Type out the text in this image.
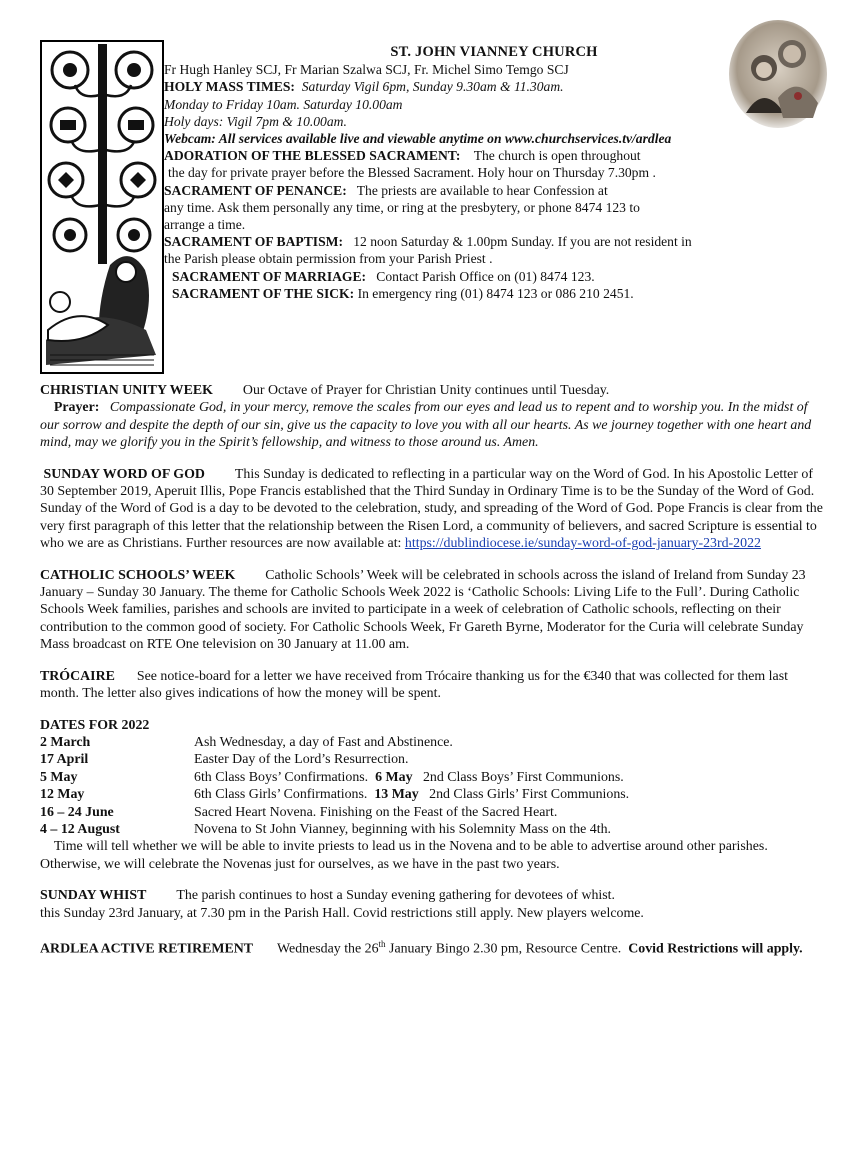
ST. JOHN VIANNEY CHURCH
Fr Hugh Hanley SCJ, Fr Marian Szalwa SCJ, Fr. Michel Simo Temgo SCJ
HOLY MASS TIMES: Saturday Vigil 6pm, Sunday 9.30am & 11.30am.
Monday to Friday 10am. Saturday 10.00am
Holy days: Vigil 7pm & 10.00am.
Webcam: All services available live and viewable anytime on www.churchservices.tv/ardlea
ADORATION OF THE BLESSED SACRAMENT: The church is open throughout
the day for private prayer before the Blessed Sacrament. Holy hour on Thursday 7.30pm .
SACRAMENT OF PENANCE: The priests are available to hear Confession at
any time. Ask them personally any time, or ring at the presbytery, or phone 8474 123 to
arrange a time.
SACRAMENT OF BAPTISM: 12 noon Saturday & 1.00pm Sunday. If you are not resident in
the Parish please obtain permission from your Parish Priest .
SACRAMENT OF MARRIAGE: Contact Parish Office on (01) 8474 123.
SACRAMENT OF THE SICK: In emergency ring (01) 8474 123 or 086 210 2451.
CHRISTIAN UNITY WEEK Our Octave of Prayer for Christian Unity continues until Tuesday.
Prayer: Compassionate God, in your mercy, remove the scales from our eyes and lead us to repent and to worship you. In the midst of our sorrow and despite the depth of our sin, give us the capacity to love you with all our hearts. As we journey together with one heart and mind, may we glorify you in the Spirit’s fellowship, and witness to those around us. Amen.
SUNDAY WORD OF GOD This Sunday is dedicated to reflecting in a particular way on the Word of God. In his Apostolic Letter of 30 September 2019, Aperuit Illis, Pope Francis established that the Third Sunday in Ordinary Time is to be the Sunday of the Word of God. Sunday of the Word of God is a day to be devoted to the celebration, study, and spreading of the Word of God. Pope Francis is clear from the very first paragraph of this letter that the relationship between the Risen Lord, a community of believers, and sacred Scripture is essential to who we are as Christians. Further resources are now available at: https://dublindiocese.ie/sunday-word-of-god-january-23rd-2022
CATHOLIC SCHOOLS’ WEEK Catholic Schools’ Week will be celebrated in schools across the island of Ireland from Sunday 23 January – Sunday 30 January. The theme for Catholic Schools Week 2022 is ‘Catholic Schools: Living Life to the Full’. During Catholic Schools Week families, parishes and schools are invited to participate in a week of celebration of Catholic schools, reflecting on their contribution to the common good of society. For Catholic Schools Week, Fr Gareth Byrne, Moderator for the Curia will celebrate Sunday Mass broadcast on RTE One television on 30 January at 11.00 am.
TRÓCAIRE See notice-board for a letter we have received from Trócaire thanking us for the €340 that was collected for them last month. The letter also gives indications of how the money will be spent.
DATES FOR 2022
2 March	Ash Wednesday, a day of Fast and Abstinence.
17 April	Easter Day of the Lord’s Resurrection.
5 May	6th Class Boys’ Confirmations. 6 May 2nd Class Boys’ First Communions.
12 May	6th Class Girls’ Confirmations. 13 May 2nd Class Girls’ First Communions.
16 – 24 June	Sacred Heart Novena. Finishing on the Feast of the Sacred Heart.
4 – 12 August	Novena to St John Vianney, beginning with his Solemnity Mass on the 4th.
Time will tell whether we will be able to invite priests to lead us in the Novena and to be able to advertise around other parishes. Otherwise, we will celebrate the Novenas just for ourselves, as we have in the past two years.
SUNDAY WHIST The parish continues to host a Sunday evening gathering for devotees of whist.
this Sunday 23rd January, at 7.30 pm in the Parish Hall. Covid restrictions still apply. New players welcome.
ARDLEA ACTIVE RETIREMENT Wednesday the 26th January Bingo 2.30 pm, Resource Centre. Covid Restrictions will apply.
